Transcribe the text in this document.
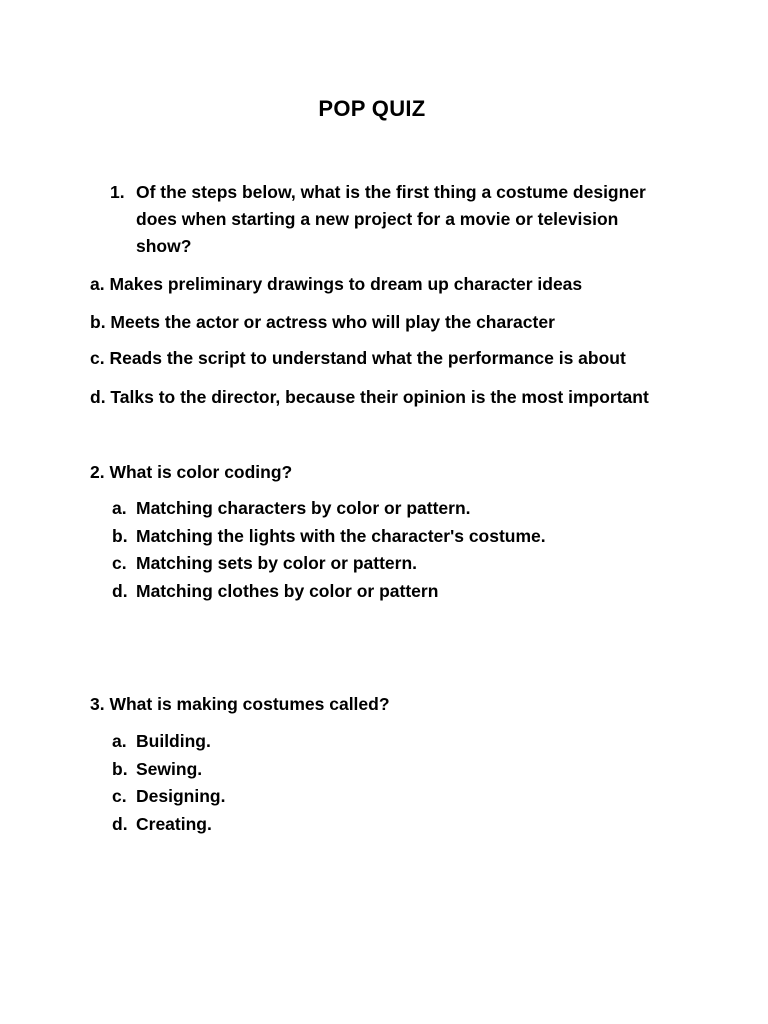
POP QUIZ
1. Of the steps below, what is the first thing a costume designer does when starting a new project for a movie or television show?
a. Makes preliminary drawings to dream up character ideas
b. Meets the actor or actress who will play the character
c. Reads the script to understand what the performance is about
d. Talks to the director, because their opinion is the most important
2. What is color coding?
a. Matching characters by color or pattern.
b. Matching the lights with the character's costume.
c. Matching sets by color or pattern.
d. Matching clothes by color or pattern
3. What is making costumes called?
a. Building.
b. Sewing.
c. Designing.
d. Creating.
